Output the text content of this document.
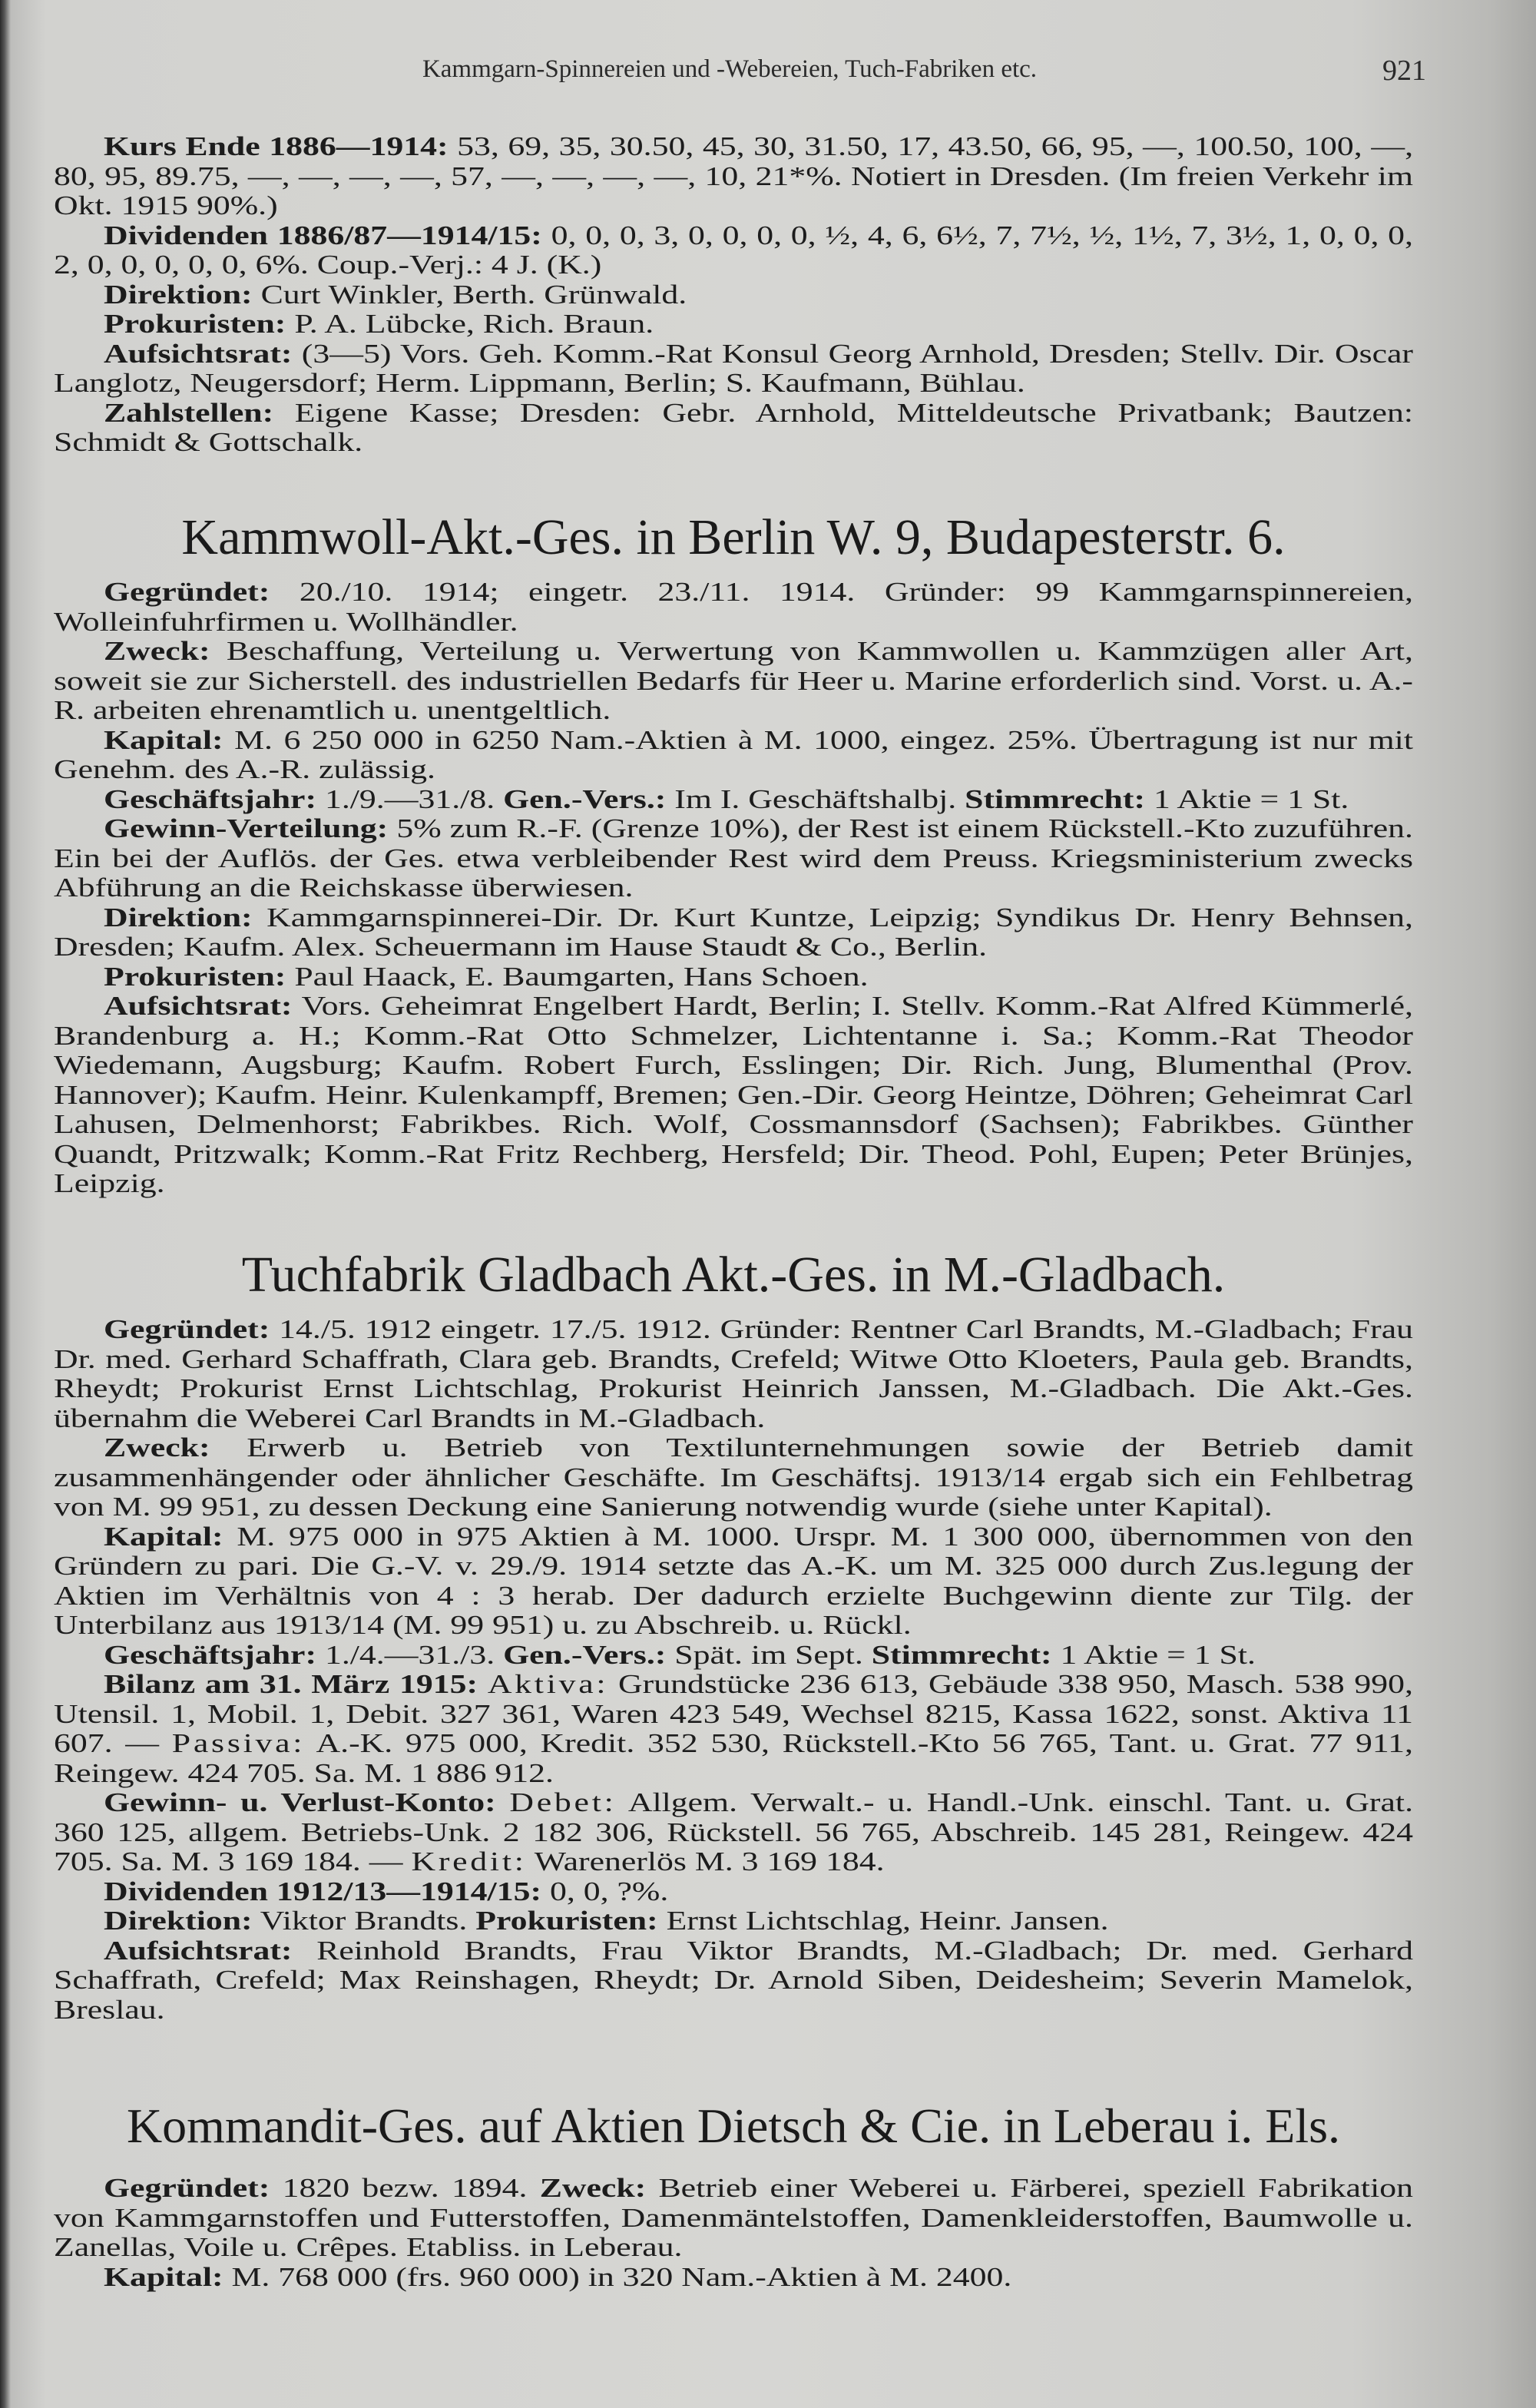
Kammgarn-Spinnereien und -Webereien, Tuch-Fabriken etc.	921

Kurs Ende 1886—1914: 53, 69, 35, 30.50, 45, 30, 31.50, 17, 43.50, 66, 95, —, 100.50, 100, —, 80, 95, 89.75, —, —, —, —, 57, —, —, —, —, 10, 21*%. Notiert in Dresden. (Im freien Verkehr im Okt. 1915 90%.)

Dividenden 1886/87—1914/15: 0, 0, 0, 3, 0, 0, 0, 0, ½, 4, 6, 6½, 7, 7½, ½, 1½, 7, 3½, 1, 0, 0, 0, 2, 0, 0, 0, 0, 0, 6%. Coup.-Verj.: 4 J. (K.)

Direktion: Curt Winkler, Berth. Grünwald.

Prokuristen: P. A. Lübcke, Rich. Braun.

Aufsichtsrat: (3—5) Vors. Geh. Komm.-Rat Konsul Georg Arnhold, Dresden; Stellv. Dir. Oscar Langlotz, Neugersdorf; Herm. Lippmann, Berlin; S. Kaufmann, Bühlau.

Zahlstellen: Eigene Kasse; Dresden: Gebr. Arnhold, Mitteldeutsche Privatbank; Bautzen: Schmidt & Gottschalk.

Kammwoll-Akt.-Ges. in Berlin W. 9, Budapesterstr. 6.

Gegründet: 20./10. 1914; eingetr. 23./11. 1914. Gründer: 99 Kammgarnspinnereien, Wolleinfuhrfirmen u. Wollhändler.

Zweck: Beschaffung, Verteilung u. Verwertung von Kammwollen u. Kammzügen aller Art, soweit sie zur Sicherstell. des industriellen Bedarfs für Heer u. Marine erforderlich sind. Vorst. u. A.-R. arbeiten ehrenamtlich u. unentgeltlich.

Kapital: M. 6 250 000 in 6250 Nam.-Aktien à M. 1000, eingez. 25%. Übertragung ist nur mit Genehm. des A.-R. zulässig.

Geschäftsjahr: 1./9.—31./8. Gen.-Vers.: Im I. Geschäftshalbj. Stimmrecht: 1 Aktie = 1 St.

Gewinn-Verteilung: 5% zum R.-F. (Grenze 10%), der Rest ist einem Rückstell.-Kto zuzuführen. Ein bei der Auflös. der Ges. etwa verbleibender Rest wird dem Preuss. Kriegsministerium zwecks Abführung an die Reichskasse überwiesen.

Direktion: Kammgarnspinnerei-Dir. Dr. Kurt Kuntze, Leipzig; Syndikus Dr. Henry Behnsen, Dresden; Kaufm. Alex. Scheuermann im Hause Staudt & Co., Berlin.

Prokuristen: Paul Haack, E. Baumgarten, Hans Schoen.

Aufsichtsrat: Vors. Geheimrat Engelbert Hardt, Berlin; I. Stellv. Komm.-Rat Alfred Kümmerlé, Brandenburg a. H.; Komm.-Rat Otto Schmelzer, Lichtentanne i. Sa.; Komm.-Rat Theodor Wiedemann, Augsburg; Kaufm. Robert Furch, Esslingen; Dir. Rich. Jung, Blumenthal (Prov. Hannover); Kaufm. Heinr. Kulenkampff, Bremen; Gen.-Dir. Georg Heintze, Döhren; Geheimrat Carl Lahusen, Delmenhorst; Fabrikbes. Rich. Wolf, Cossmannsdorf (Sachsen); Fabrikbes. Günther Quandt, Pritzwalk; Komm.-Rat Fritz Rechberg, Hersfeld; Dir. Theod. Pohl, Eupen; Peter Brünjes, Leipzig.

Tuchfabrik Gladbach Akt.-Ges. in M.-Gladbach.

Gegründet: 14./5. 1912 eingetr. 17./5. 1912. Gründer: Rentner Carl Brandts, M.-Gladbach; Frau Dr. med. Gerhard Schaffrath, Clara geb. Brandts, Crefeld; Witwe Otto Kloeters, Paula geb. Brandts, Rheydt; Prokurist Ernst Lichtschlag, Prokurist Heinrich Janssen, M.-Gladbach. Die Akt.-Ges. übernahm die Weberei Carl Brandts in M.-Gladbach.

Zweck: Erwerb u. Betrieb von Textilunternehmungen sowie der Betrieb damit zusammenhängender oder ähnlicher Geschäfte. Im Geschäftsj. 1913/14 ergab sich ein Fehlbetrag von M. 99 951, zu dessen Deckung eine Sanierung notwendig wurde (siehe unter Kapital).

Kapital: M. 975 000 in 975 Aktien à M. 1000. Urspr. M. 1 300 000, übernommen von den Gründern zu pari. Die G.-V. v. 29./9. 1914 setzte das A.-K. um M. 325 000 durch Zus.legung der Aktien im Verhältnis von 4 : 3 herab. Der dadurch erzielte Buchgewinn diente zur Tilg. der Unterbilanz aus 1913/14 (M. 99 951) u. zu Abschreib. u. Rückl.

Geschäftsjahr: 1./4.—31./3. Gen.-Vers.: Spät. im Sept. Stimmrecht: 1 Aktie = 1 St.

Bilanz am 31. März 1915: Aktiva: Grundstücke 236 613, Gebäude 338 950, Masch. 538 990, Utensil. 1, Mobil. 1, Debit. 327 361, Waren 423 549, Wechsel 8215, Kassa 1622, sonst. Aktiva 11 607. — Passiva: A.-K. 975 000, Kredit. 352 530, Rückstell.-Kto 56 765, Tant. u. Grat. 77 911, Reingew. 424 705. Sa. M. 1 886 912.

Gewinn- u. Verlust-Konto: Debet: Allgem. Verwalt.- u. Handl.-Unk. einschl. Tant. u. Grat. 360 125, allgem. Betriebs-Unk. 2 182 306, Rückstell. 56 765, Abschreib. 145 281, Reingew. 424 705. Sa. M. 3 169 184. — Kredit: Warenerlös M. 3 169 184.

Dividenden 1912/13—1914/15: 0, 0, ?%.

Direktion: Viktor Brandts. Prokuristen: Ernst Lichtschlag, Heinr. Jansen.

Aufsichtsrat: Reinhold Brandts, Frau Viktor Brandts, M.-Gladbach; Dr. med. Gerhard Schaffrath, Crefeld; Max Reinshagen, Rheydt; Dr. Arnold Siben, Deidesheim; Severin Mamelok, Breslau.

Kommandit-Ges. auf Aktien Dietsch & Cie. in Leberau i. Els.

Gegründet: 1820 bezw. 1894. Zweck: Betrieb einer Weberei u. Färberei, speziell Fabrikation von Kammgarnstoffen und Futterstoffen, Damenmäntelstoffen, Damenkleiderstoffen, Baumwolle u. Zanellas, Voile u. Crêpes. Etabliss. in Leberau.

Kapital: M. 768 000 (frs. 960 000) in 320 Nam.-Aktien à M. 2400.
